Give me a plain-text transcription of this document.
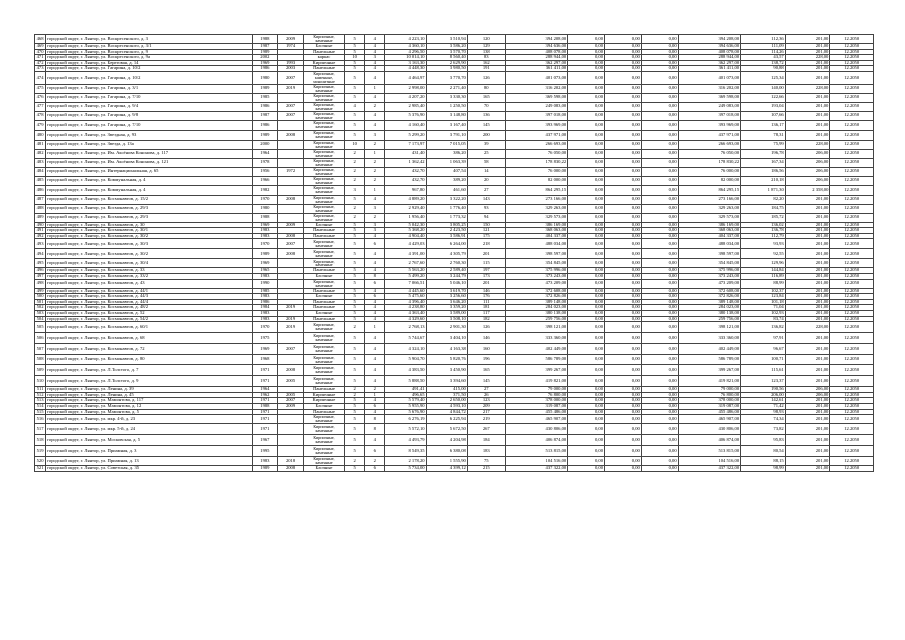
468	городской округ, г. Лянтор, ул. Воскресенского, д. 3	1988	2009	Кирпичные, каменные	5	4	4 223,10	3 510,94	120	394 208,00	0,00	0,00	0,00	394 208,00	112,36	201,00	12.2050
469	городской округ, г. Лянтор, ул. Воскресенского, д. 3/1	1987	1974	Блочные	5	4	4 360,10	3 586,20	129	394 636,00	0,00	0,00	0,00	394 636,00	111,09	201,00	12.2050
470	городской округ, г. Лянтор, ул. Воскресенского, д. 9	1989		Панельные	5	4	4 296,50	3 570,70	138	408 078,00	0,00	0,00	0,00	408 078,00	114,26	201,00	12.2050
471	городской округ, г. Лянтор, ул. Воскресенского, д. 9а	2002		каркас	10	3	10 014,10	8 560,40	83	288 944,00	0,00	0,00	0,00	288 944,00	43,57	228,00	12.2050
472	городской округ, г. Лянтор, ул. Береговая, д. 14	1969	1993	Кирпичные	5	4	3 163,30	2 629,90	162	362 297,00	0,00	0,00	0,00	362 297,00	138,72	201,00	12.2050
473	городской округ, г. Лянтор, ул. Гагарина, д. 10/2	1986	2003	Панельные	5	4	4 448,30	3 980,50	191	361 411,00	0,00	0,00	0,00	361 411,00	90,88	201,00	12.2050
474	городской округ, г. Лянтор, ул. Гагарина, д. 10/2	1980	2007	Кирпичные, каменные, монолитные	5	4	4 464,97	3 770,70	126	401 073,00	0,00	0,00	0,00	401 073,00	125,34	201,00	12.2050
475	городской округ, г. Лянтор, ул. Гагарина, д. 3/1	1989	2019	Кирпичные, каменные	5	1	2 998,00	2 271,40	80	316 202,00	0,00	0,00	0,00	316 202,00	140,00	228,00	12.2050
476	городской округ, г. Лянтор, ул. Гагарина, д. 7/10	1985		Кирпичные, каменные	5	4	4 207,20	3 330,30	165	369 598,00	0,00	0,00	0,00	369 598,00	122,66	201,00	12.2050
477	городской округ, г. Лянтор, ул. Гагарина, д. 9/4	1986	2007	Кирпичные, каменные	4	2	2 985,40	1 250,50	70	249 083,00	0,00	0,00	0,00	249 083,00	193,04	201,00	12.2050
478	городской округ, г. Лянтор, ул. Гагарина, д. 9/8	1987	2007	Кирпичные, каменные	5	4	5 376,90	3 148,80	136	397 018,00	0,00	0,00	0,00	397 018,00	107,66	201,00	12.2050
479	городской округ, г. Лянтор, ул. Гагарина, д. 7/10	1986		Кирпичные, каменные	5	4	4 160,40	3 167,40	145	393 969,00	0,00	0,00	0,00	393 969,00	136,17	201,00	12.2050
480	городской округ, г. Лянтор, ул. Звездная, д. 93	1989	2008	Кирпичные, каменные	5	3	5 299,20	3 791,10	200	437 971,00	0,00	0,00	0,00	437 971,00	78,31	201,00	12.2050
481	городской округ, г. Лянтор, ул. Звезда, д. 13а	2000		Кирпичные, каменные	10	2	7 173,97	7 015,05	39	266 693,00	0,00	0,00	0,00	266 693,00	75,99	228,00	12.2050
482	городской округ, г. Лянтор, ул. Им. Аксёнова Кононова, д. 117	1964		Кирпичные, каменные	2	1	431,40	386,20	25	76 050,00	0,00	0,00	0,00	76 050,00	196,78	206,00	12.2050
483	городской округ, г. Лянтор, ул. Им. Аксёнова Кононова, д. 121	1978		Кирпичные, каменные	2	2	1 362,42	1 063,39	58	178 830,22	0,00	0,00	0,00	178 830,22	167,34	206,00	12.2050
484	городской округ, г. Лянтор, ул. Интернациональная, д. 65	1956	1972	Кирпичные, каменные	2	2	432,70	407,54	14	76 000,00	0,00	0,00	0,00	76 000,00	186,56	206,00	12.2050
485	городской округ, г. Лянтор, ул. Коммунальная, д. 4	1966		Кирпичные, каменные	2	2	432,70	389,20	20	82 000,00	0,00	0,00	0,00	82 000,00	210,18	206,00	12.2050
486	городской округ, г. Лянтор, ул. Коммунальная, д. 4	1982		Кирпичные, каменные	3	1	967,80	461,60	27	864 295,15	0,00	0,00	0,00	864 295,15	1 871,30	2 358,00	12.2050
487	городской округ, г. Лянтор, ул. Космонавтов, д. 15/2	1970	2008	Кирпичные, каменные	5	4	4 889,20	3 322,20	143	273 166,00	0,00	0,00	0,00	273 166,00	82,20	201,00	12.2050
488	городской округ, г. Лянтор, ул. Космонавтов, д. 29/3	1980		Кирпичные, каменные	2	3	2 929,40	1 776,40	93	329 263,00	0,00	0,00	0,00	329 263,00	184,75	201,00	12.2050
489	городской округ, г. Лянтор, ул. Космонавтов, д. 29/3	1988		Кирпичные, каменные	2	2	1 956,40	1 773,32	94	329 573,00	0,00	0,00	0,00	329 573,00	185,72	201,00	12.2050
490	городской округ, г. Лянтор, ул. Космонавтов, д. 30	1969	2009	Блочные	5	3	5 042,30	3 805,25	150	386 169,00	0,00	0,00	0,00	386 169,00	136,02	201,00	12.2050
491	городской округ, г. Лянтор, ул. Космонавтов, д. 30/1	1983		Панельные	5	3	5 368,20	2 423,50	121	368 063,00	0,00	0,00	0,00	368 063,00	136,78	201,00	12.2050
492	городской округ, г. Лянтор, ул. Космонавтов, д. 30/2	1983	2008	Панельные	5	4	4 904,40	3 586,91	175	404 337,00	0,00	0,00	0,00	404 337,00	112,79	201,00	12.2050
493	городской округ, г. Лянтор, ул. Космонавтов, д. 30/3	1970	2007	Кирпичные, каменные	5	6	4 429,03	6 264,00	218	488 034,00	0,00	0,00	0,00	488 034,00	93,93	201,00	12.2050
494	городской округ, г. Лянтор, ул. Космонавтов, д. 30/2	1989	2008	Кирпичные, каменные	5	4	4 391,00	4 305,79	201	398 597,00	0,00	0,00	0,00	398 597,00	92,55	201,00	12.2050
495	городской округ, г. Лянтор, ул. Космонавтов, д. 30/4	1969		Кирпичные, каменные	5	4	2 767,60	2 760,30	115	354 845,00	0,00	0,00	0,00	354 845,00	129,96	201,00	12.2050
496	городской округ, г. Лянтор, ул. Космонавтов, д. 33	1965		Панельные	5	4	5 563,20	2 589,40	197	375 996,00	0,00	0,00	0,00	375 996,00	144,84	201,00	12.2050
497	городской округ, г. Лянтор, ул. Космонавтов, д. 33/2	1983		Блочные	5	8	5 499,20	3 244,79	173	373 243,00	0,00	0,00	0,00	373 243,00	116,89	201,00	12.2050
498	городской округ, г. Лянтор, ул. Космонавтов, д. 43	1990		Кирпичные, каменные	5	6	7 066,51	5 046,10	201	473 209,00	0,00	0,00	0,00	473 209,00	88,99	201,00	12.2050
499	городской округ, г. Лянтор, ул. Космонавтов, д. 44/1	1985		Панельные	5	4	4 445,60	3 619,70	146	372 608,00	0,00	0,00	0,00	372 608,00	102,37	201,00	12.2050
500	городской округ, г. Лянтор, ул. Космонавтов, д. 44/3	1983		Блочные	5	6	5 475,60	3 256,60	176	372 826,00	0,00	0,00	0,00	372 826,00	123,84	201,00	12.2050
501	городской округ, г. Лянтор, ул. Космонавтов, д. 44/4	1986		Панельные	5	4	4 396,40	3 646,20	111	389 148,00	0,00	0,00	0,00	389 148,00	101,18	201,00	12.2050
502	городской округ, г. Лянтор, ул. Космонавтов, д. 48/2	1984	2019	Панельные	5	4	4 238,80	3 359,20	181	284 023,00	0,00	0,00	0,00	284 023,00	71,04	201,00	12.2050
503	городской округ, г. Лянтор, ул. Космонавтов, д. 52	1983		Блочные	5	4	4 363,40	3 589,00	117	380 138,00	0,00	0,00	0,00	380 138,00	102,93	201,00	12.2050
504	городской округ, г. Лянтор, ул. Космонавтов, д. 54/2	1983	2019	Панельные	5	4	4 329,60	3 508,10	182	259 756,00	0,00	0,00	0,00	259 756,00	83,74	201,00	12.2050
505	городской округ, г. Лянтор, ул. Космонавтов, д. 60/1	1970	2019	Кирпичные, каменные	2	1	2 768,13	2 901,30	126	398 121,00	0,00	0,00	0,00	398 121,00	136,82	228,00	12.2050
506	городской округ, г. Лянтор, ул. Космонавтов, д. 68	1975		Кирпичные, каменные	5	4	5 744,67	3 404,10	146	333 360,00	0,00	0,00	0,00	333 360,00	97,91	201,00	12.2050
507	городской округ, г. Лянтор, ул. Космонавтов, д. 72	1969	2007	Кирпичные, каменные	5	4	4 324,10	4 163,38	160	402 449,00	0,00	0,00	0,00	402 449,00	96,67	201,00	12.2050
508	городской округ, г. Лянтор, ул. Космонавтов, д. 80	1968		Кирпичные, каменные	5	4	5 904,70	5 820,76	196	586 789,00	0,00	0,00	0,00	586 789,00	100,71	201,00	12.2050
509	городской округ, г. Лянтор, ул. Л.Толстого, д. 7	1971	2008	Кирпичные, каменные	5	4	4 383,50	3 450,90	165	399 267,00	0,00	0,00	0,00	399 267,00	115,61	201,00	12.2050
510	городской округ, г. Лянтор, ул. Л.Толстого, д. 9	1971	2005	Кирпичные, каменные	5	4	5 888,50	3 394,60	145	419 821,00	0,00	0,00	0,00	419 821,00	123,37	201,00	12.2050
511	городской округ, г. Лянтор, ул. Ленина, д. 39	1964		Панельные	2	2	491,41	415,00	27	79 000,00	0,00	0,00	0,00	79 000,00	190,56	206,00	12.2050
512	городской округ, г. Лянтор, ул. Ленина, д. 45	1962	2005	Кирпичные	2	1	496,65	371,50	26	76 800,00	0,00	0,00	0,00	76 800,00	206,00	206,00	12.2050
513	городской округ, г. Лянтор, ул. Мамонтова, д. 117	1971	2007	Кирпичные	5	4	5 579,40	2 650,00	123	378 000,00	0,00	0,00	0,00	378 000,00	142,61	201,00	12.2050
514	городской округ, г. Лянтор, ул. Мамонтова, д. 12	1988	2009	Блочные	5	6	5 955,90	4 593,10	209	319 087,00	0,00	0,00	0,00	319 087,00	71,42	201,00	12.2050
515	городской округ, г. Лянтор, ул. Мамонтова, д. 5	1971		Панельные	5	4	5 676,90	4 844,72	217	455 486,00	0,00	0,00	0,00	455 486,00	98,93	201,00	12.2050
516	городской округ, г. Лянтор, ул. мкр. 4-й, д. 23	1971		Кирпичные, каменные	5	8	6 276,19	6 225,94	219	465 907,00	0,00	0,00	0,00	465 907,00	74,34	201,00	12.2050
517	городской округ, г. Лянтор, ул. мкр. 5-й, д. 24	1971		Кирпичные, каменные	5	8	5 572,10	5 672,50	267	430 806,00	0,00	0,00	0,00	430 806,00	73,82	201,00	12.2050
518	городской округ, г. Лянтор, ул. Московская, д. 5	1967		Кирпичные, каменные	5	4	4 493,79	4 204,98	184	406 874,00	0,00	0,00	0,00	406 874,00	95,83	201,00	12.2050
519	городской округ, г. Лянтор, ул. Приамная, д. 3	1995		Кирпичные, каменные	5	6	8 549,35	6 380,08	183	513 815,00	0,00	0,00	0,00	513 815,00	80,54	201,00	12.2050
520	городской округ, г. Лянтор, ул. Приамная, д. 13	1983	2018	Кирпичные, каменные	2	2	2 178,20	1 555,90	75	104 516,00	0,00	0,00	0,00	104 516,00	88,15	201,00	12.2050
521	городской округ, г. Лянтор, ул. Советская, д. 35	1989	2008	Блочные	5	6	5 734,00	4 399,12	215	437 322,00	0,00	0,00	0,00	437 322,00	98,99	201,00	12.2050
